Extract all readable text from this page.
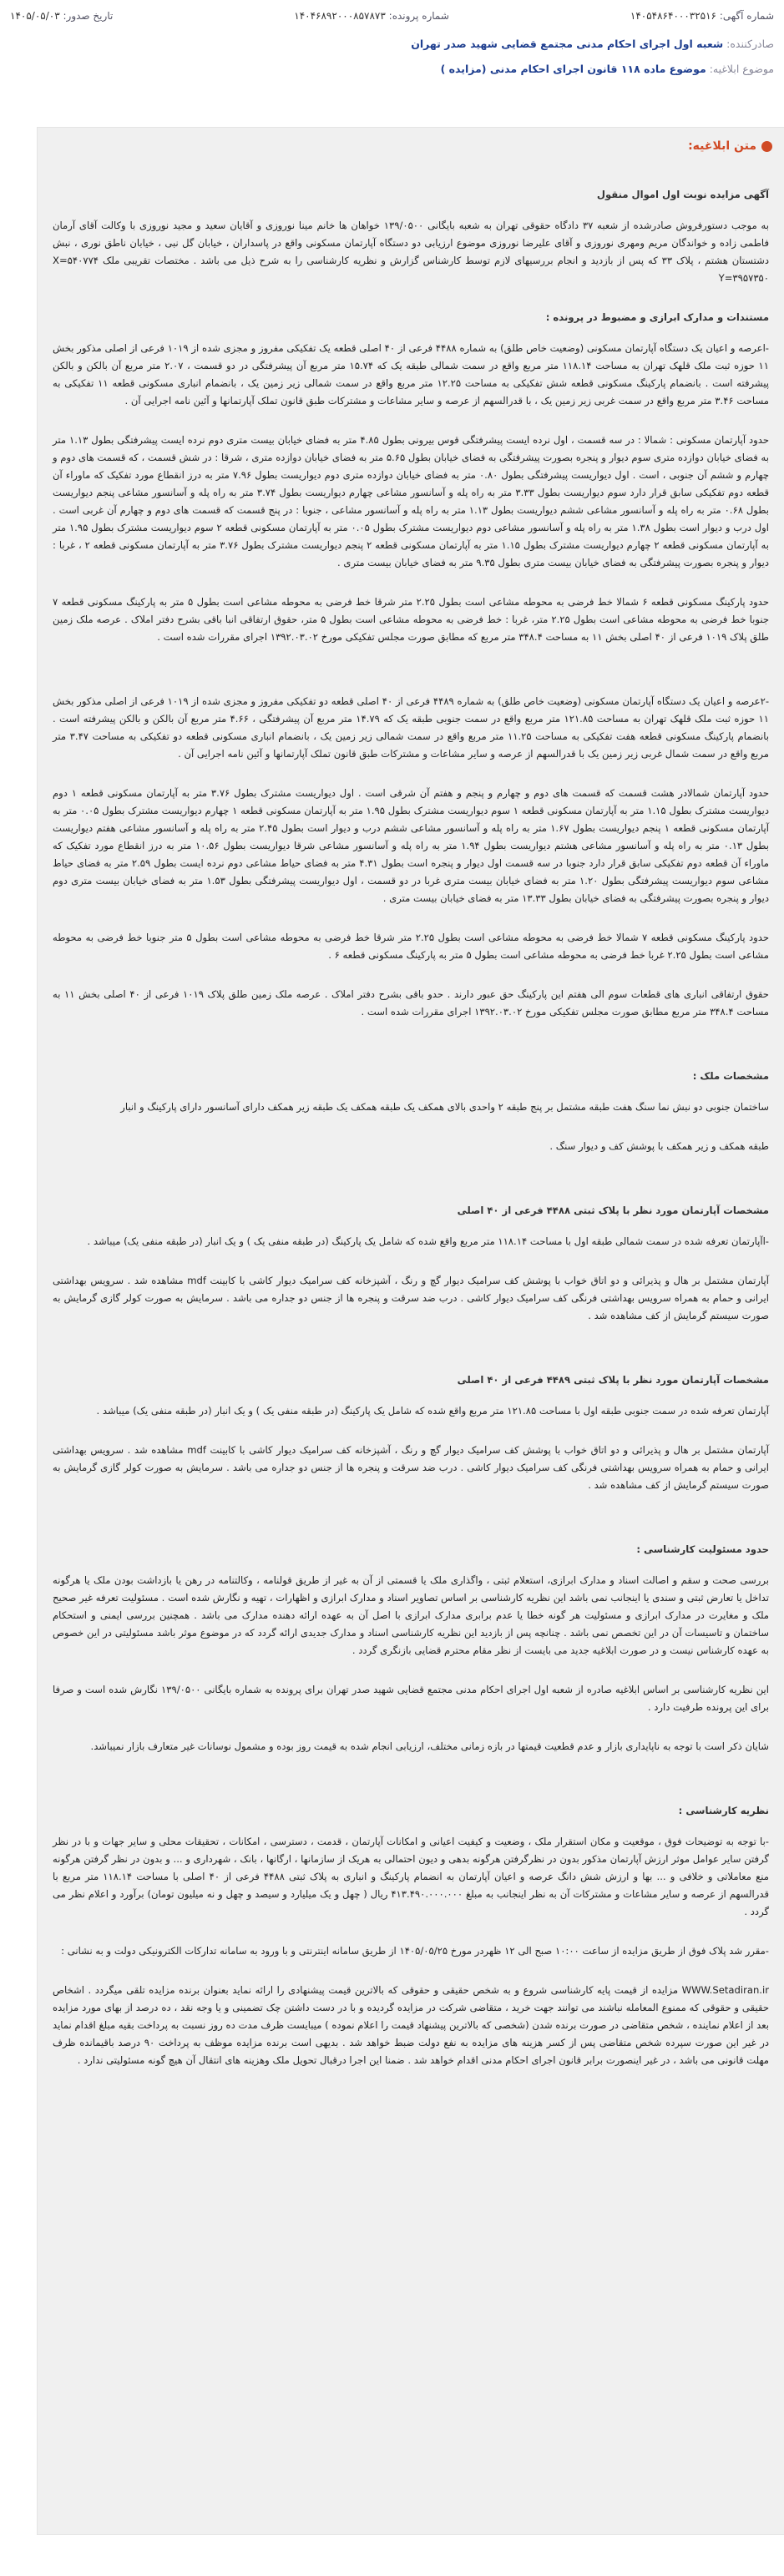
شماره آگهی: ۱۴۰۵۴۸۶۴۰۰۰۳۲۵۱۶
شماره پرونده: ۱۴۰۴۶۸۹۲۰۰۰۸۵۷۸۷۳
تاریخ صدور: ۱۴۰۵/۰۵/۰۳
صادرکننده: شعبه اول اجرای احکام مدنی مجتمع قضایی شهید صدر تهران
موضوع ابلاغیه: موضوع ماده ۱۱۸ قانون اجرای احکام مدنی (مزایده )
متن ابلاغیه:

آگهی مزایده نوبت اول اموال منقول

به موجب دستورفروش صادرشده از شعبه ۳۷ دادگاه حقوقی تهران به شعبه بایگانی ۱۳۹/۰۵۰۰ خواهان ها خانم مینا نوروزی و آقایان سعید و مجید نوروزی با وکالت آقای آرمان فاطمی زاده و خواندگان مریم ومهری نوروزی و آقای علیرضا نوروزی موضوع ارزیابی دو دستگاه آپارتمان مسکونی واقع در پاسداران ، خیابان گل نبی ، خیابان ناطق نوری ، نبش دشتستان هشتم ، پلاک ۳۳ که پس از بازدید و انجام بررسیهای لازم توسط کارشناس گزارش و نظریه کارشناسی را به شرح ذیل می باشد . مختصات تقریبی ملک X=۵۴۰۷۷۴ Y=۳۹۵۷۳۵۰

مستندات و مدارک ابرازی و مضبوط در پرونده :

-اعرصه و اعیان یک دستگاه آپارتمان مسکونی (وضعیت خاص طلق) به شماره ۴۴۸۸ فرعی از ۴۰ اصلی قطعه یک تفکیکی مفروز و مجزی شده از ۱۰۱۹ فرعی از اصلی مذکور بخش ۱۱ حوزه ثبت ملک قلهک تهران به مساحت ۱۱۸.۱۴ متر مربع واقع در سمت شمالی طبقه یک که ۱۵.۷۴ متر مربع آن پیشرفتگی در دو قسمت ، ۲.۰۷ متر مربع آن بالکن و بالکن پیشرفته است . بانضمام پارکینگ مسکونی قطعه شش تفکیکی به مساحت ۱۲.۲۵ متر مربع واقع در سمت شمالی زیر زمین یک ، بانضمام انباری مسکونی قطعه ۱۱ تفکیکی به مساحت ۳.۴۶ متر مربع واقع در سمت غربی زیر زمین یک ، با قدرالسهم از عرصه و سایر مشاعات و مشترکات طبق قانون تملک آپارتمانها و آئین نامه اجرایی آن .

حدود آپارتمان مسکونی : شمالا : در سه قسمت ، اول نرده ایست پیشرفتگی قوس بیرونی بطول ۴.۸۵ متر به فضای خیابان بیست متری دوم نرده ایست پیشرفتگی بطول ۱.۱۳ متر به فضای خیابان دوازده متری سوم دیوار و پنجره بصورت پیشرفتگی به فضای خیابان بطول ۵.۶۵ متر به فضای خیابان دوازده متری ، شرقا : در شش قسمت ، که قسمت های دوم و چهارم و ششم آن جنوبی ، است . اول دیواریست پیشرفتگی بطول ۰.۸۰ متر به فضای خیابان دوازده متری دوم دیواریست بطول ۷.۹۶ متر به درز انقطاع مورد تفکیک که ماوراء آن قطعه دوم تفکیکی سابق قرار دارد سوم دیواریست بطول ۳.۳۳ متر به راه پله و آسانسور مشاعی چهارم دیواریست بطول ۳.۷۴ متر به راه پله و آسانسور مشاعی پنجم دیواریست بطول ۰.۶۸ متر به راه پله و آسانسور مشاعی ششم دیواریست بطول ۱.۱۳ متر به راه پله و آسانسور مشاعی ، جنوبا : در پنج قسمت که قسمت های دوم و چهارم آن غربی است . اول درب و دیوار است بطول ۱.۳۸ متر به راه پله و آسانسور مشاعی دوم دیواریست مشترک بطول ۰.۰۵ متر به آپارتمان مسکونی قطعه ۲ سوم دیواریست مشترک بطول ۱.۹۵ متر به آپارتمان مسکونی قطعه ۲ چهارم دیواریست مشترک بطول ۱.۱۵ متر به آپارتمان مسکونی قطعه ۲ پنجم دیواریست مشترک بطول ۳.۷۶ متر به آپارتمان مسکونی قطعه ۲ ، غربا : دیوار و پنجره بصورت پیشرفتگی به فضای خیابان بیست متری بطول ۹.۳۵ متر به فضای خیابان بیست متری .

حدود پارکینگ مسکونی قطعه ۶ شمالا خط فرضی به محوطه مشاعی است بطول ۲.۲۵ متر شرقا خط فرضی به محوطه مشاعی است بطول ۵ متر به پارکینگ مسکونی قطعه ۷ جنوبا خط فرضی به محوطه مشاعی است بطول ۲.۲۵ متر، غربا : خط فرضی به محوطه مشاعی است بطول ۵ متر، حقوق ارتفاقی انبا باقی بشرح دفتر املاک . عرصه ملک زمین طلق پلاک ۱۰۱۹ فرعی از ۴۰ اصلی بخش ۱۱ به مساحت ۳۴۸.۴ متر مربع که مطابق صورت مجلس تفکیکی مورخ ۱۳۹۲.۰۳.۰۲ اجرای مقررات شده است .

-۲عرصه و اعیان یک دستگاه آپارتمان مسکونی (وضعیت خاص طلق) به شماره ۴۴۸۹ فرعی از ۴۰ اصلی قطعه دو تفکیکی مفروز و مجزی شده از ۱۰۱۹ فرعی از اصلی مذکور بخش ۱۱ حوزه ثبت ملک قلهک تهران به مساحت ۱۲۱.۸۵ متر مربع واقع در سمت جنوبی طبقه یک که ۱۴.۷۹ متر مربع آن پیشرفتگی ، ۴.۶۶ متر مربع آن بالکن و بالکن پیشرفته است . بانضمام پارکینگ مسکونی قطعه هفت تفکیکی به مساحت ۱۱.۲۵ متر مربع واقع در سمت شمالی زیر زمین یک ، بانضمام انباری مسکونی قطعه دو تفکیکی به مساحت ۳.۴۷ متر مربع واقع در سمت شمال غربی زیر زمین یک با قدرالسهم از عرصه و سایر مشاعات و مشترکات طبق قانون تملک آپارتمانها و آئین نامه اجرایی آن .

حدود آپارتمان شمالادر هشت قسمت که قسمت های دوم و چهارم و پنجم و هفتم آن شرقی است . اول دیواریست مشترک بطول ۳.۷۶ متر به آپارتمان مسکونی قطعه ۱ دوم دیواریست مشترک بطول ۱.۱۵ متر به آپارتمان مسکونی قطعه ۱ سوم دیواریست مشترک بطول ۱.۹۵ متر به آپارتمان مسکونی قطعه ۱ چهارم دیواریست مشترک بطول ۰.۰۵ متر به آپارتمان مسکونی قطعه ۱ پنجم دیواریست بطول ۱.۶۷ متر به راه پله و آسانسور مشاعی ششم درب و دیوار است بطول ۲.۴۵ متر به راه پله و آسانسور مشاعی هفتم دیواریست بطول ۰.۱۳ متر به راه پله و آسانسور مشاعی هشتم دیواریست بطول ۱.۹۴ متر به راه پله و آسانسور مشاعی شرقا دیواریست بطول ۱۰.۵۶ متر به درز انقطاع مورد تفکیک که ماوراء آن قطعه دوم تفکیکی سابق قرار دارد جنوبا در سه قسمت اول دیوار و پنجره است بطول ۴.۳۱ متر به فضای حیاط مشاعی دوم نرده ایست بطول ۲.۵۹ متر به فضای حیاط مشاعی سوم دیواریست پیشرفتگی بطول ۱.۲۰ متر به فضای خیابان بیست متری غربا در دو قسمت ، اول دیواریست پیشرفتگی بطول ۱.۵۳ متر به فضای خیابان بیست متری دوم دیوار و پنجره بصورت پیشرفتگی به فضای خیابان بطول ۱۳.۳۳ متر به فضای خیابان بیست متری .

حدود پارکینگ مسکونی قطعه ۷ شمالا خط فرضی به محوطه مشاعی است بطول ۲.۲۵ متر شرقا خط فرضی به محوطه مشاعی است بطول ۵ متر جنوبا خط فرضی به محوطه مشاعی است بطول ۲.۲۵ غربا خط فرضی به محوطه مشاعی است بطول ۵ متر به پارکینگ مسکونی قطعه ۶ .

حقوق ارتفاقی انباری های قطعات سوم الی هفتم این پارکینگ حق عبور دارند . حدو باقی بشرح دفتر املاک . عرصه ملک زمین طلق پلاک ۱۰۱۹ فرعی از ۴۰ اصلی بخش ۱۱ به مساحت ۳۴۸.۴ متر مربع مطابق صورت مجلس تفکیکی مورخ ۱۳۹۲.۰۳.۰۲ اجرای مقررات شده است .

مشخصات ملک :

ساختمان جنوبی دو نبش نما سنگ هفت طبقه مشتمل بر پنج طبقه ۲ واحدی بالای همکف یک طبقه همکف یک طبقه زیر همکف دارای آسانسور دارای پارکینگ و انبار

طبقه همکف و زیر همکف با پوشش کف و دیوار سنگ .

مشخصات آپارتمان مورد نظر با پلاک ثبتی ۴۴۸۸ فرعی از ۴۰ اصلی

-اآپارتمان تعرفه شده در سمت شمالی طبقه اول با مساحت ۱۱۸.۱۴ متر مربع واقع شده که شامل یک پارکینگ (در طبقه منفی یک ) و یک انبار (در طبقه منفی یک) میباشد .

آپارتمان مشتمل بر هال و پذیرائی و دو اتاق خواب با پوشش کف سرامیک دیوار گچ و رنگ ، آشپزخانه کف سرامیک دیوار کاشی با کابینت mdf مشاهده شد . سرویس بهداشتی ایرانی و حمام به همراه سرویس بهداشتی فرنگی کف سرامیک دیوار کاشی . درب ضد سرقت و پنجره ها از جنس دو جداره می باشد . سرمایش به صورت کولر گازی گرمایش به صورت سیستم گرمایش از کف مشاهده شد .

مشخصات آپارتمان مورد نظر با پلاک ثبتی ۴۴۸۹ فرعی از ۴۰ اصلی

آپارتمان تعرفه شده در سمت جنوبی طبقه اول با مساحت ۱۲۱.۸۵ متر مربع واقع شده که شامل یک پارکینگ (در طبقه منفی یک ) و یک انبار (در طبقه منفی یک) میباشد .

آپارتمان مشتمل بر هال و پذیرائی و دو اتاق خواب با پوشش کف سرامیک دیوار گچ و رنگ ، آشپزخانه کف سرامیک دیوار کاشی با کابینت mdf مشاهده شد . سرویس بهداشتی ایرانی و حمام به همراه سرویس بهداشتی فرنگی کف سرامیک دیوار کاشی . درب ضد سرقت و پنجره ها از جنس دو جداره می باشد . سرمایش به صورت کولر گازی گرمایش به صورت سیستم گرمایش از کف مشاهده شد .

حدود مسئولیت کارشناسی :

بررسی صحت و سقم و اصالت اسناد و مدارک ابرازی، استعلام ثبتی ، واگذاری ملک یا قسمتی از آن به غیر از طریق قولنامه ، وکالتنامه در رهن یا بازداشت بودن ملک یا هرگونه تداخل یا تعارض ثبتی و سندی یا اینجانب نمی باشد این نظریه کارشناسی بر اساس تصاویر اسناد و مدارک ابرازی و اظهارات ، تهیه و نگارش شده است . مسئولیت تعرفه غیر صحیح ملک و مغایرت در مدارک ابرازی و مسئولیت هر گونه خطا یا عدم برابری مدارک ابرازی با اصل آن به عهده ارائه دهنده مدارک می باشد . همچنین بررسی ایمنی و استحکام ساختمان و تاسیسات آن در این تخصص نمی باشد . چنانچه پس از بازدید این نظریه کارشناسی اسناد و مدارک جدیدی ارائه گردد که در موضوع موثر باشد مسئولیتی در این خصوص به عهده کارشناس نیست و در صورت ابلاغیه جدید می بایست از نظر مقام محترم قضایی بازنگری گردد .

این نظریه کارشناسی بر اساس ابلاغیه صادره از شعبه اول اجرای احکام مدنی مجتمع قضایی شهید صدر تهران برای پرونده به شماره بایگانی ۱۳۹/۰۵۰۰ نگارش شده است و صرفا برای این پرونده طرفیت دارد .

شایان ذکر است با توجه به ناپایداری بازار و عدم قطعیت قیمتها در بازه زمانی مختلف، ارزیابی انجام شده به قیمت روز بوده و مشمول نوسانات غیر متعارف بازار نمیباشد.

نظریه کارشناسی :

-با توجه به توضیحات فوق ، موقعیت و مکان استقرار ملک ، وضعیت و کیفیت اعیانی و امکانات آپارتمان ، قدمت ، دسترسی ، امکانات ، تحقیقات محلی و سایر جهات و با در نظر گرفتن سایر عوامل موثر ارزش آپارتمان مذکور بدون در نظرگرفتن هرگونه بدهی و دیون احتمالی به هریک از سازمانها ، ارگانها ، بانک ، شهرداری و ... و بدون در نظر گرفتن هرگونه منع معاملاتی و خلافی و ... بها و ارزش شش دانگ عرصه و اعیان آپارتمان به انضمام پارکینگ و انباری به پلاک ثبتی ۴۴۸۸ فرعی از ۴۰ اصلی با مساحت ۱۱۸.۱۴ متر مربع با قدرالسهم از عرصه و سایر مشاعات و مشترکات آن به نظر اینجانب به مبلغ ۴۱۳.۴۹۰.۰۰۰.۰۰۰ ریال ( چهل و یک میلیارد و سیصد و چهل و نه میلیون تومان) برآورد و اعلام نظر می گردد .

-مقرر شد پلاک فوق از طریق مزایده از ساعت ۱۰:۰۰ صبح الی ۱۲ ظهردر مورخ ۱۴۰۵/۰۵/۲۵ از طریق سامانه اینترنتی و با ورود به سامانه تدارکات الکترونیکی دولت و به نشانی :

WWW.Setadiran.ir مزایده از قیمت پایه کارشناسی شروع و به شخص حقیقی و حقوقی که بالاترین قیمت پیشنهادی را ارائه نماید بعنوان برنده مزایده تلقی میگردد . اشخاص حقیقی و حقوقی که ممنوع المعامله نباشند می توانند جهت خرید ، متقاضی شرکت در مزایده گردیده و با در دست داشتن چک تضمینی و یا وجه نقد ، ده درصد از بهای مورد مزایده بعد از اعلام نماینده ، شخص متقاضی در صورت برنده شدن (شخصی که بالاترین پیشنهاد قیمت را اعلام نموده ) میبایست ظرف مدت ده روز نسبت به پرداخت بقیه مبلغ اقدام نماید در غیر این صورت سپرده شخص متقاضی پس از کسر هزینه های مزایده به نفع دولت ضبط خواهد شد . بدیهی است برنده مزایده موظف به پرداخت ۹۰ درصد باقیمانده ظرف مهلت قانونی می باشد ، در غیر اینصورت برابر قانون اجرای احکام مدنی اقدام خواهد شد . ضمنا این اجرا درقبال تحویل ملک وهزینه های انتقال آن هیچ گونه مسئولیتی ندارد .
